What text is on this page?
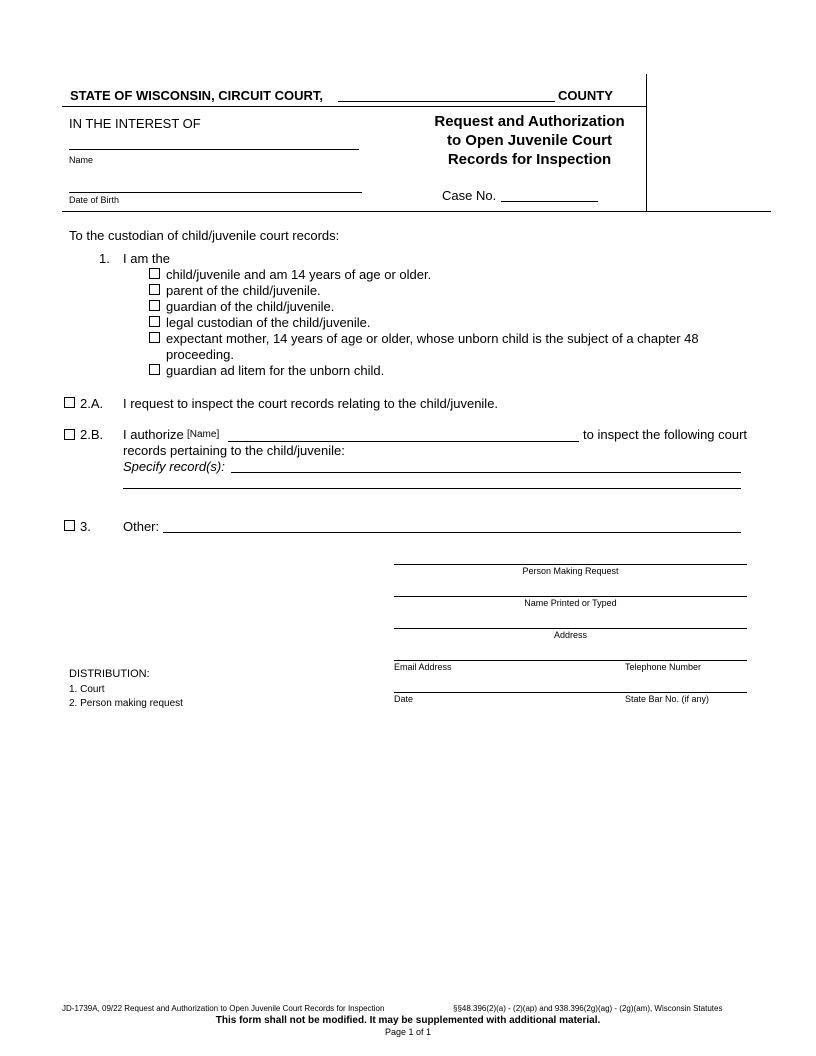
STATE OF WISCONSIN, CIRCUIT COURT,	COUNTY
IN THE INTEREST OF
Name
Date of Birth
Request and Authorization
to Open Juvenile Court
Records for Inspection
Case No.
To the custodian of child/juvenile court records:
1. I am the
child/juvenile and am 14 years of age or older.
parent of the child/juvenile.
guardian of the child/juvenile.
legal custodian of the child/juvenile.
expectant mother, 14 years of age or older, whose unborn child is the subject of a chapter 48
proceeding.
guardian ad litem for the unborn child.
2.A. I request to inspect the court records relating to the child/juvenile.
2.B. I authorize [Name]	to inspect the following court
records pertaining to the child/juvenile:
Specify record(s):
3. Other:
Person Making Request
Name Printed or Typed
Address
Email Address	Telephone Number
Date	State Bar No. (if any)
DISTRIBUTION:
1. Court
2. Person making request
JD-1739A, 09/22 Request and Authorization to Open Juvenile Court Records for Inspection	§§48.396(2)(a) - (2)(ap) and 938.396(2g)(ag) - (2g)(am), Wisconsin Statutes
This form shall not be modified. It may be supplemented with additional material.
Page 1 of 1
